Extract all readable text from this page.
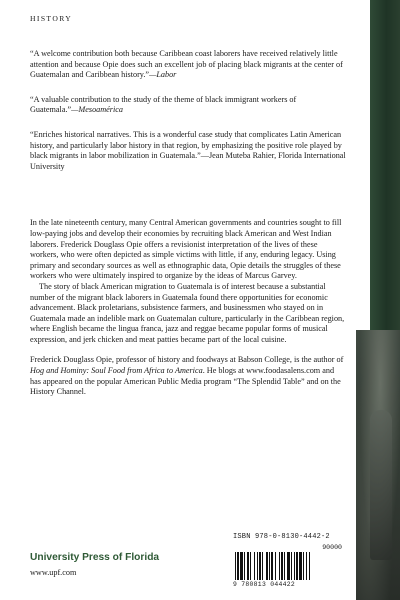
HISTORY

“A welcome contribution both because Caribbean coast laborers have received relatively little attention and because Opie does such an excellent job of placing black migrants at the center of Guatemalan and Caribbean history.”—Labor

“A valuable contribution to the study of the theme of black immigrant workers of Guatemala.”—Mesoamérica

“Enriches historical narratives. This is a wonderful case study that complicates Latin American history, and particularly labor history in that region, by emphasizing the positive role played by black migrants in labor mobilization in Guatemala.”—Jean Muteba Rahier, Florida International University

In the late nineteenth century, many Central American governments and countries sought to fill low-paying jobs and develop their economies by recruiting black American and West Indian laborers. Frederick Douglass Opie offers a revisionist interpretation of the lives of these workers, who were often depicted as simple victims with little, if any, enduring legacy. Using primary and secondary sources as well as ethnographic data, Opie details the struggles of these workers who were ultimately inspired to organize by the ideas of Marcus Garvey.

The story of black American migration to Guatemala is of interest because a substantial number of the migrant black laborers in Guatemala found there opportunities for economic advancement. Black proletarians, subsistence farmers, and businessmen who stayed on in Guatemala made an indelible mark on Guatemalan culture, particularly in the Caribbean region, where English became the lingua franca, jazz and reggae became popular forms of musical expression, and jerk chicken and meat patties became part of the local cuisine.

Frederick Douglass Opie, professor of history and foodways at Babson College, is the author of Hog and Hominy: Soul Food from Africa to America. He blogs at www.foodasalens.com and has appeared on the popular American Public Media program “The Splendid Table” and on the History Channel.

University Press of Florida
www.upf.com
ISBN 978-0-8130-4442-2
90000
9 780813 044422
